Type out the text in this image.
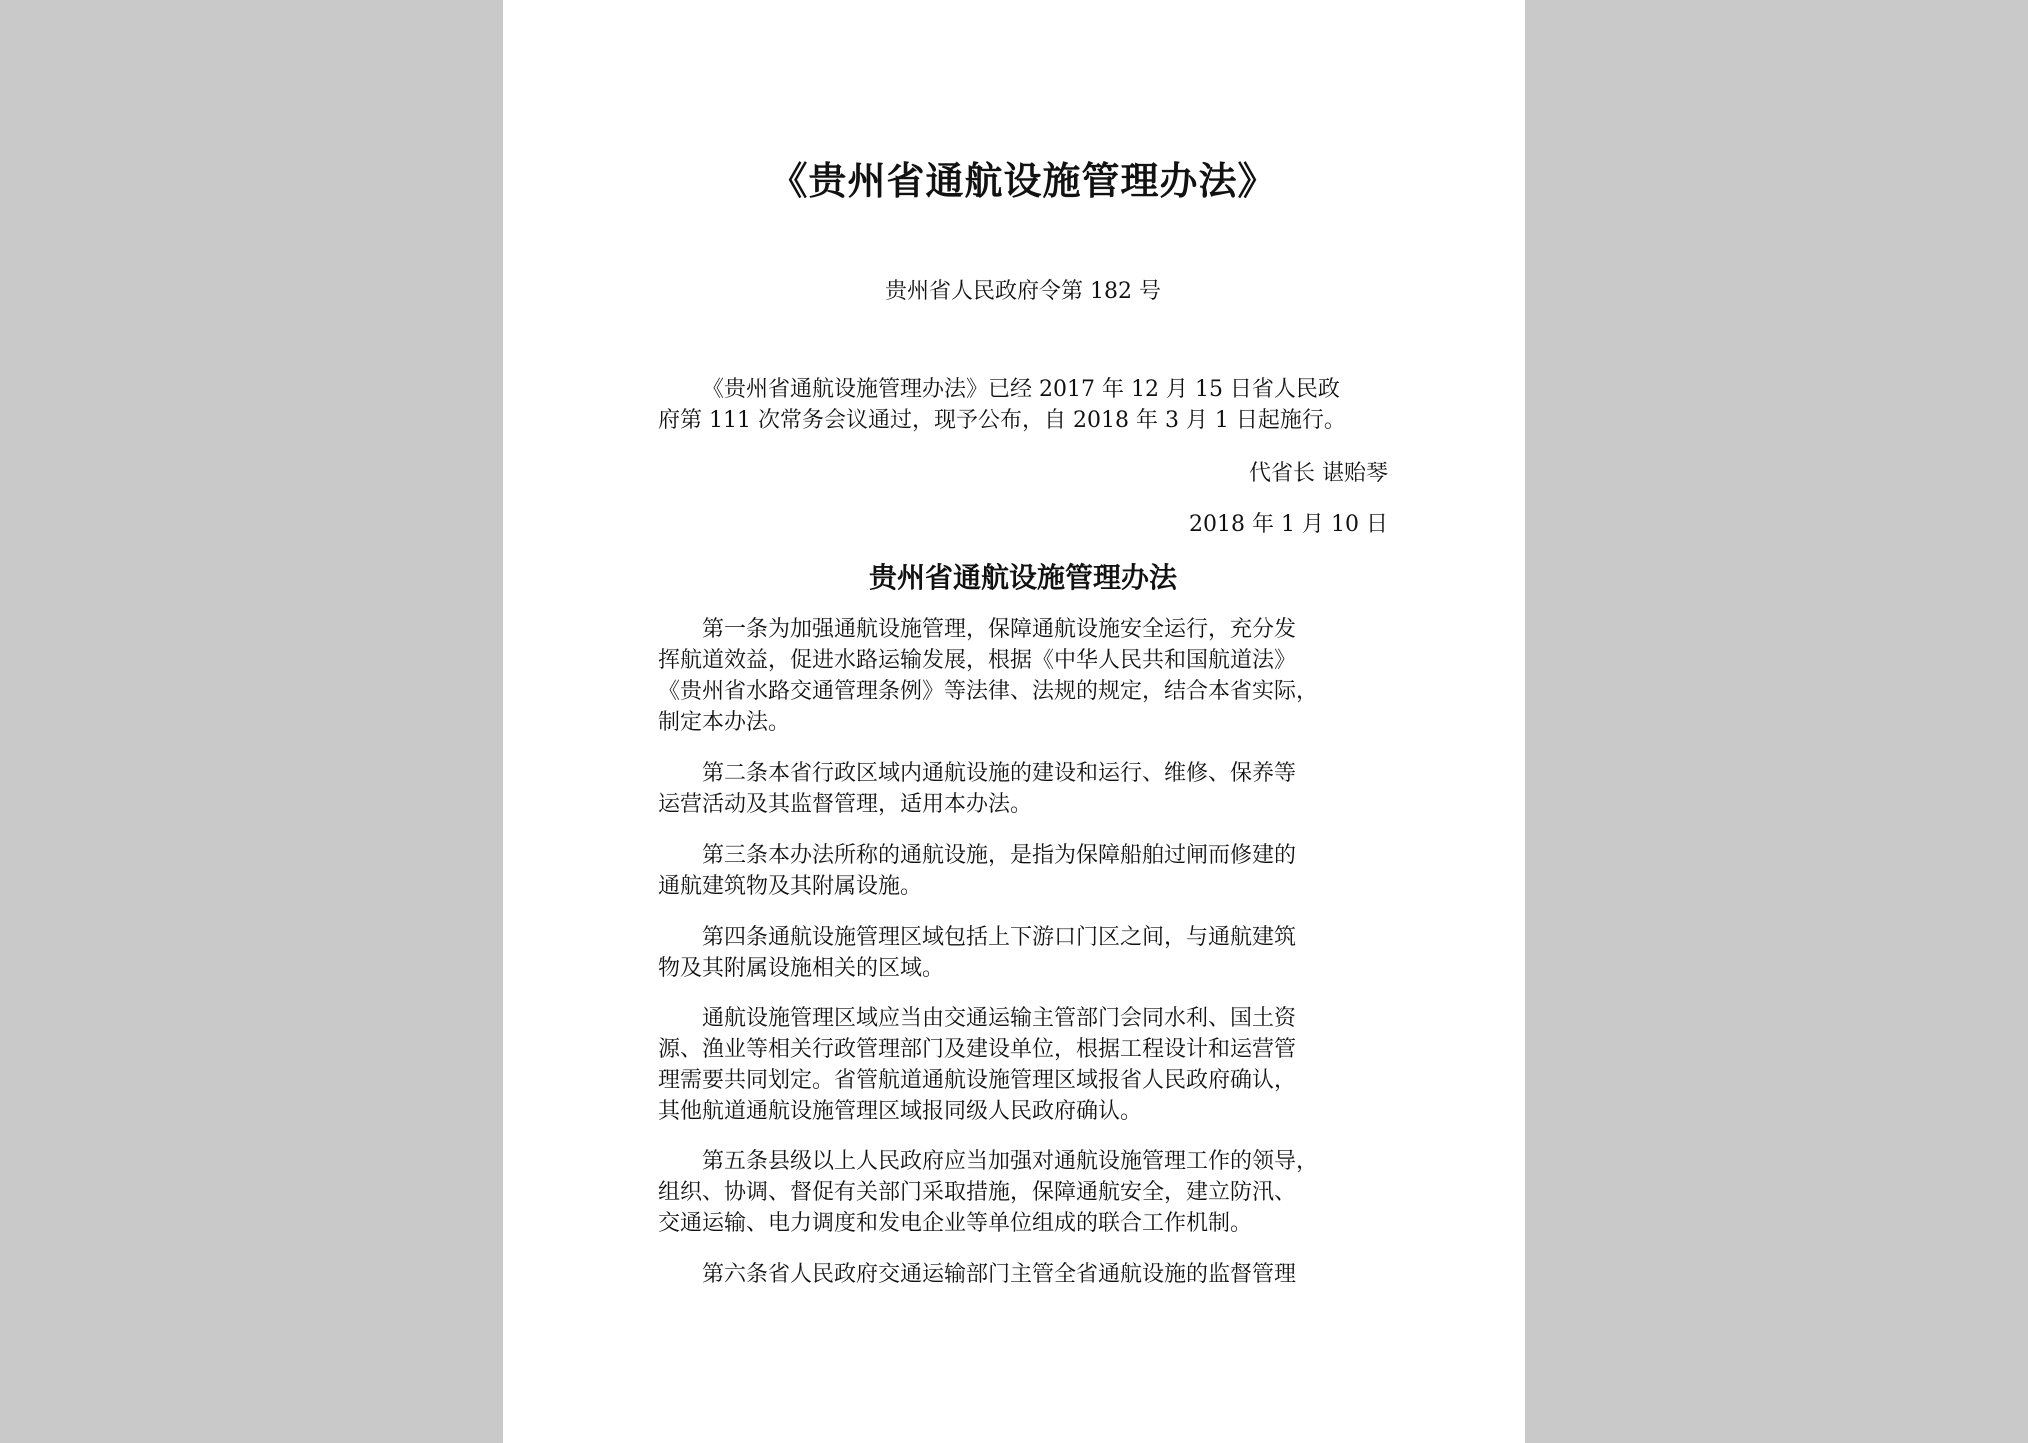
《贵州省通航设施管理办法》
贵州省人民政府令第 182 号
《贵州省通航设施管理办法》已经 2017 年 12 月 15 日省人民政
府第 111 次常务会议通过，现予公布，自 2018 年 3 月 1 日起施行。
代省长 谌贻琴
2018 年 1 月 10 日
贵州省通航设施管理办法
第一条为加强通航设施管理，保障通航设施安全运行，充分发
挥航道效益，促进水路运输发展，根据《中华人民共和国航道法》
《贵州省水路交通管理条例》等法律、法规的规定，结合本省实际，
制定本办法。
第二条本省行政区域内通航设施的建设和运行、维修、保养等
运营活动及其监督管理，适用本办法。
第三条本办法所称的通航设施，是指为保障船舶过闸而修建的
通航建筑物及其附属设施。
第四条通航设施管理区域包括上下游口门区之间，与通航建筑
物及其附属设施相关的区域。
通航设施管理区域应当由交通运输主管部门会同水利、国土资
源、渔业等相关行政管理部门及建设单位，根据工程设计和运营管
理需要共同划定。省管航道通航设施管理区域报省人民政府确认，
其他航道通航设施管理区域报同级人民政府确认。
第五条县级以上人民政府应当加强对通航设施管理工作的领导，
组织、协调、督促有关部门采取措施，保障通航安全，建立防汛、
交通运输、电力调度和发电企业等单位组成的联合工作机制。
第六条省人民政府交通运输部门主管全省通航设施的监督管理
